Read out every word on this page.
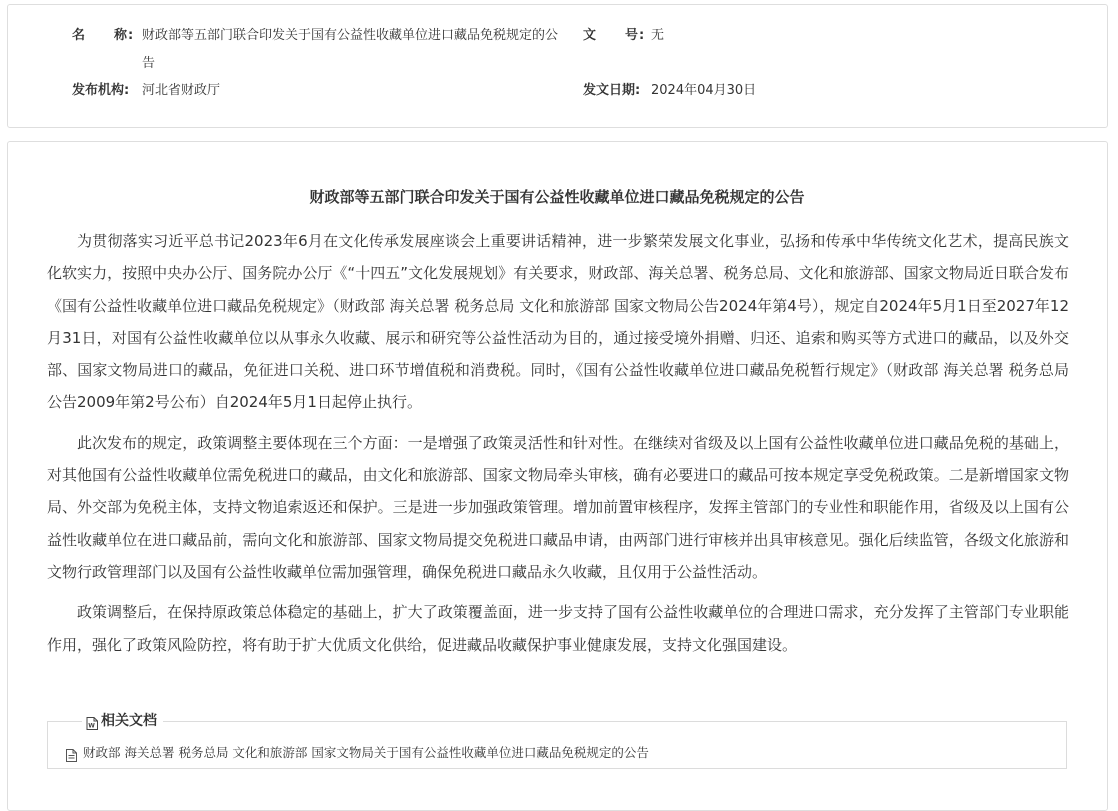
名 称 : 财政部等五部门联合印发关于国有公益性收藏单位进口藏品免税规定的公告
文 号 : 无
发布机构: 河北省财政厅	发文日期: 2024年04月30日
财政部等五部门联合印发关于国有公益性收藏单位进口藏品免税规定的公告

为贯彻落实习近平总书记2023年6月在文化传承发展座谈会上重要讲话精神，进一步繁荣发展文化事业，弘扬和传承中华传统文化艺术，提高民族文化软实力，按照中央办公厅、国务院办公厅《“十四五”文化发展规划》有关要求，财政部、海关总署、税务总局、文化和旅游部、国家文物局近日联合发布《国有公益性收藏单位进口藏品免税规定》（财政部 海关总署 税务总局 文化和旅游部 国家文物局公告2024年第4号），规定自2024年5月1日至2027年12月31日，对国有公益性收藏单位以从事永久收藏、展示和研究等公益性活动为目的，通过接受境外捐赠、归还、追索和购买等方式进口的藏品，以及外交部、国家文物局进口的藏品，免征进口关税、进口环节增值税和消费税。同时，《国有公益性收藏单位进口藏品免税暂行规定》（财政部 海关总署 税务总局公告2009年第2号公布）自2024年5月1日起停止执行。

此次发布的规定，政策调整主要体现在三个方面：一是增强了政策灵活性和针对性。在继续对省级及以上国有公益性收藏单位进口藏品免税的基础上，对其他国有公益性收藏单位需免税进口的藏品，由文化和旅游部、国家文物局牵头审核，确有必要进口的藏品可按本规定享受免税政策。二是新增国家文物局、外交部为免税主体，支持文物追索返还和保护。三是进一步加强政策管理。增加前置审核程序，发挥主管部门的专业性和职能作用，省级及以上国有公益性收藏单位在进口藏品前，需向文化和旅游部、国家文物局提交免税进口藏品申请，由两部门进行审核并出具审核意见。强化后续监管，各级文化旅游和文物行政管理部门以及国有公益性收藏单位需加强管理，确保免税进口藏品永久收藏，且仅用于公益性活动。

政策调整后，在保持原政策总体稳定的基础上，扩大了政策覆盖面，进一步支持了国有公益性收藏单位的合理进口需求，充分发挥了主管部门专业职能作用，强化了政策风险防控，将有助于扩大优质文化供给，促进藏品收藏保护事业健康发展，支持文化强国建设。

W 相关文档
财政部 海关总署 税务总局 文化和旅游部 国家文物局关于国有公益性收藏单位进口藏品免税规定的公告
